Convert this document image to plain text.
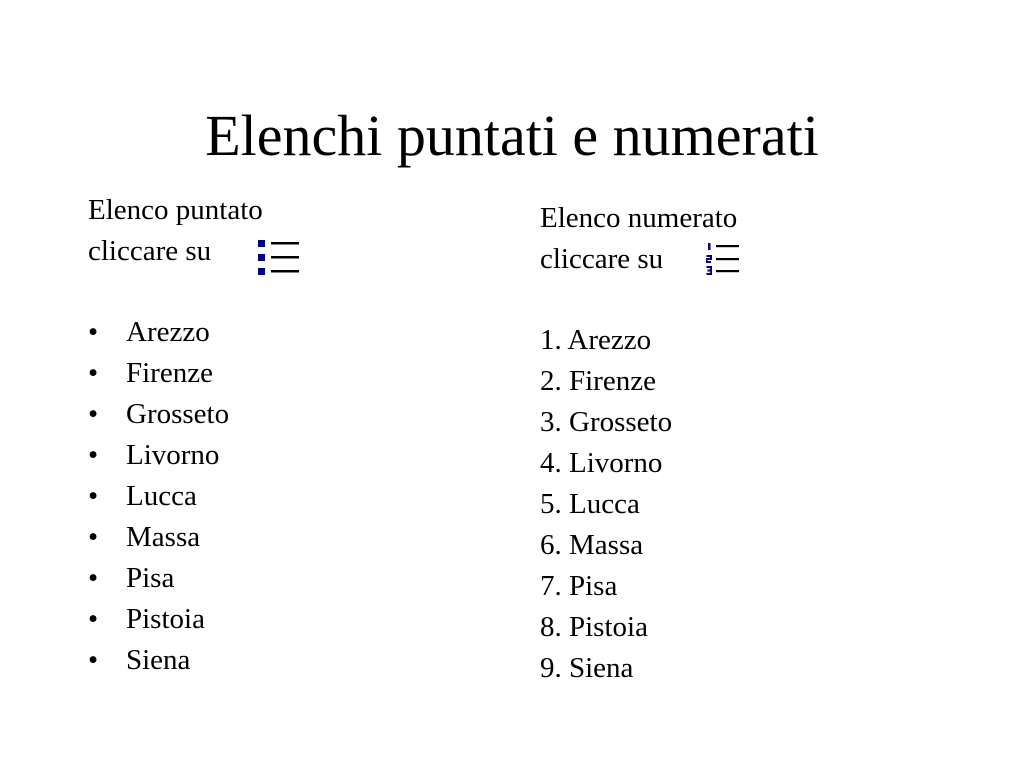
Elenchi puntati e numerati
Elenco puntato
cliccare su
• Arezzo
• Firenze
• Grosseto
• Livorno
• Lucca
• Massa
• Pisa
• Pistoia
• Siena
Elenco numerato
cliccare su
1. Arezzo
2. Firenze
3. Grosseto
4. Livorno
5. Lucca
6. Massa
7. Pisa
8. Pistoia
9. Siena
